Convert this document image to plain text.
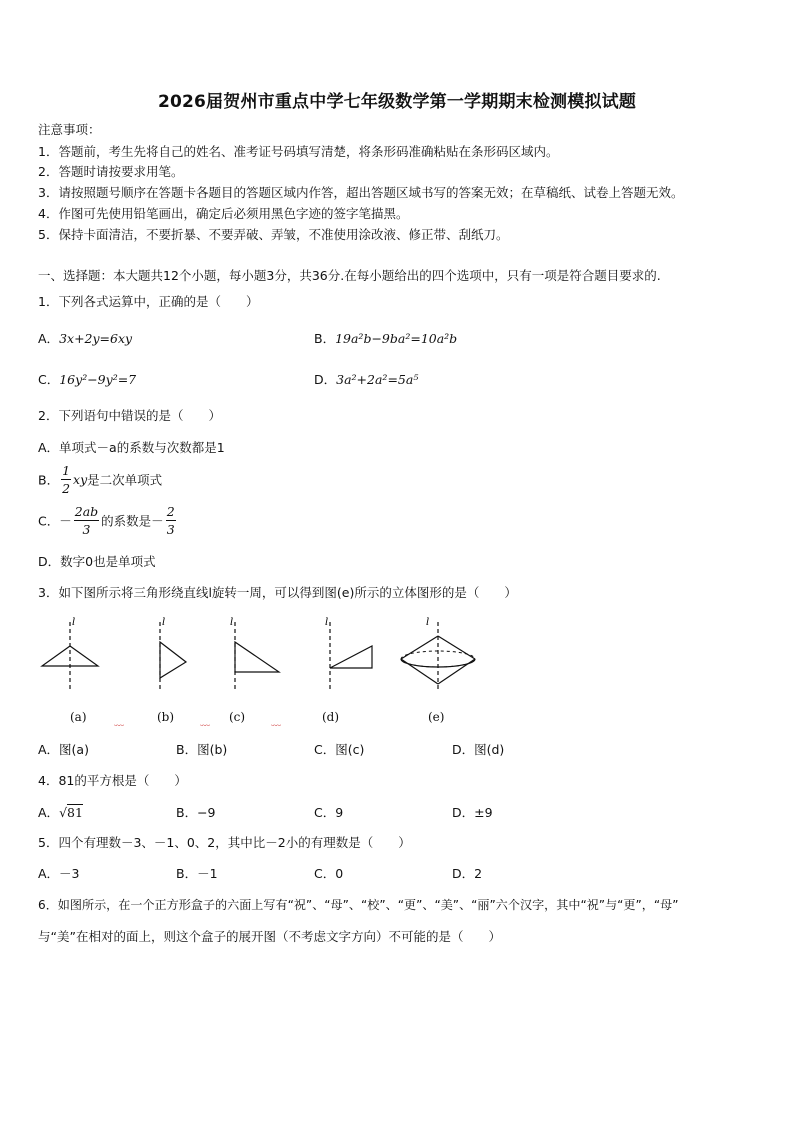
2026届贺州市重点中学七年级数学第一学期期末检测模拟试题
注意事项：
1．答题前，考生先将自己的姓名、准考证号码填写清楚，将条形码准确粘贴在条形码区域内。
2．答题时请按要求用笔。
3．请按照题号顺序在答题卡各题目的答题区域内作答，超出答题区域书写的答案无效；在草稿纸、试卷上答题无效。
4．作图可先使用铅笔画出，确定后必须用黑色字迹的签字笔描黑。
5．保持卡面清洁，不要折暴、不要弄破、弄皱，不准使用涂改液、修正带、刮纸刀。
一、选择题：本大题共12个小题，每小题3分，共36分.在每小题给出的四个选项中，只有一项是符合题目要求的.
1．下列各式运算中，正确的是（　　）
A．3x+2y=6xy	B．19a²b−9ba²=10a²b
C．16y²−9y²=7	D．3a²+2a²=5a⁵
2．下列语句中错误的是（　　）
A．单项式－a的系数与次数都是1
B． $\frac{1}{2}$ xy是二次单项式
C．－ $\frac{2ab}{3}$ 的系数是－ $\frac{2}{3}$
D．数字0也是单项式
3．如下图所示将三角形绕直线l旋转一周，可以得到图(e)所示的立体图形的是（　　）
l	l	l	l	l
(a)	﹏	(b)	﹏ (c)	﹏	(d)	(e)
A．图(a)	B．图(b)	C．图(c)	D．图(d)
4．81的平方根是（　　）
A．√81	B．−9	C．9	D．±9
5．四个有理数－3、－1、0、2，其中比－2小的有理数是（　　）
A．－3	B．－1	C．0	D．2
6．如图所示，在一个正方形盒子的六面上写有“祝”、“母”、“校”、“更”、“美”、“丽”六个汉字，其中“祝”与“更”，“母”
与“美”在相对的面上，则这个盒子的展开图（不考虑文字方向）不可能的是（　　）
